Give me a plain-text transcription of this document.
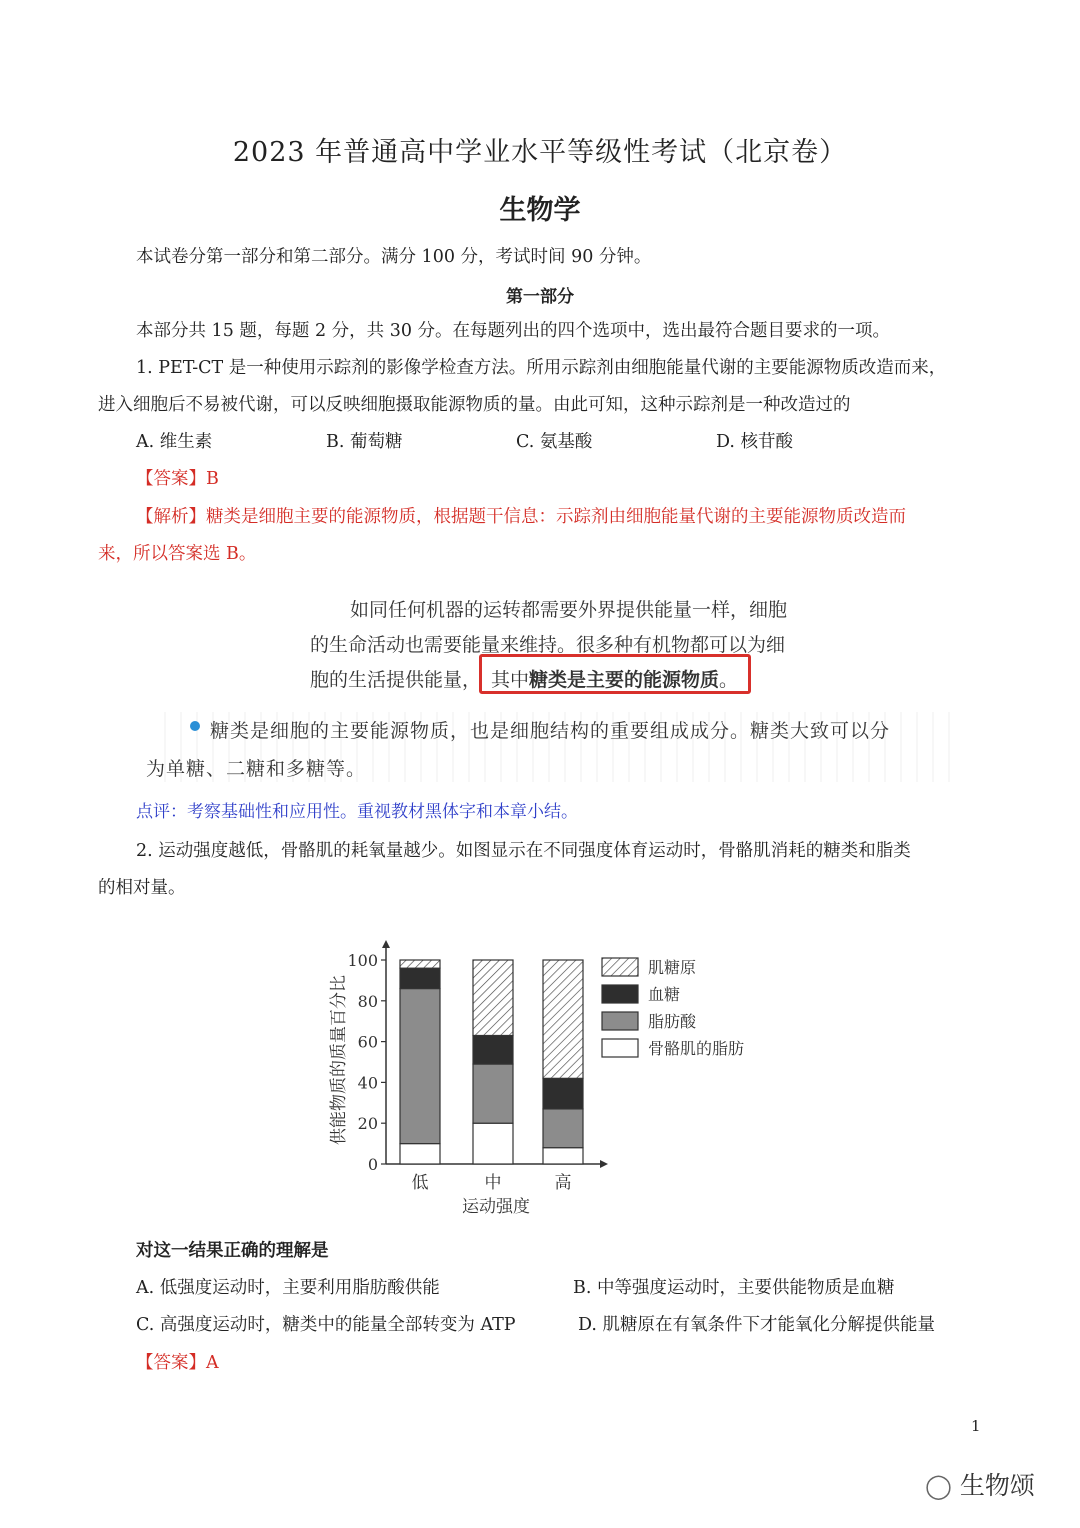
2023 年普通高中学业水平等级性考试（北京卷）
生物学
本试卷分第一部分和第二部分。满分 100 分，考试时间 90 分钟。
第一部分
本部分共 15 题，每题 2 分，共 30 分。在每题列出的四个选项中，选出最符合题目要求的一项。
1. PET-CT 是一种使用示踪剂的影像学检查方法。所用示踪剂由细胞能量代谢的主要能源物质改造而来，
进入细胞后不易被代谢，可以反映细胞摄取能源物质的量。由此可知，这种示踪剂是一种改造过的
A. 维生素	B. 葡萄糖	C. 氨基酸	D. 核苷酸
【答案】B
【解析】糖类是细胞主要的能源物质，根据题干信息：示踪剂由细胞能量代谢的主要能源物质改造而
来，所以答案选 B。
如同任何机器的运转都需要外界提供能量一样，细胞
的生命活动也需要能量来维持。很多种有机物都可以为细
胞的生活提供能量， 其中糖类是主要的能源物质。
糖类是细胞的主要能源物质，也是细胞结构的重要组成成分。糖类大致可以分
为单糖、二糖和多糖等。
点评：考察基础性和应用性。重视教材黑体字和本章小结。
2. 运动强度越低，骨骼肌的耗氧量越少。如图显示在不同强度体育运动时，骨骼肌消耗的糖类和脂类
的相对量。
供能物质的质量百分比
0
20
40
60
80
100
低	中	高
肌糖原
血糖
脂肪酸
骨骼肌的脂肪
运动强度
对这一结果正确的理解是
A. 低强度运动时，主要利用脂肪酸供能	B. 中等强度运动时，主要供能物质是血糖
C. 高强度运动时，糖类中的能量全部转变为 ATP	D. 肌糖原在有氧条件下才能氧化分解提供能量
【答案】A
1
◯ 生物颂
